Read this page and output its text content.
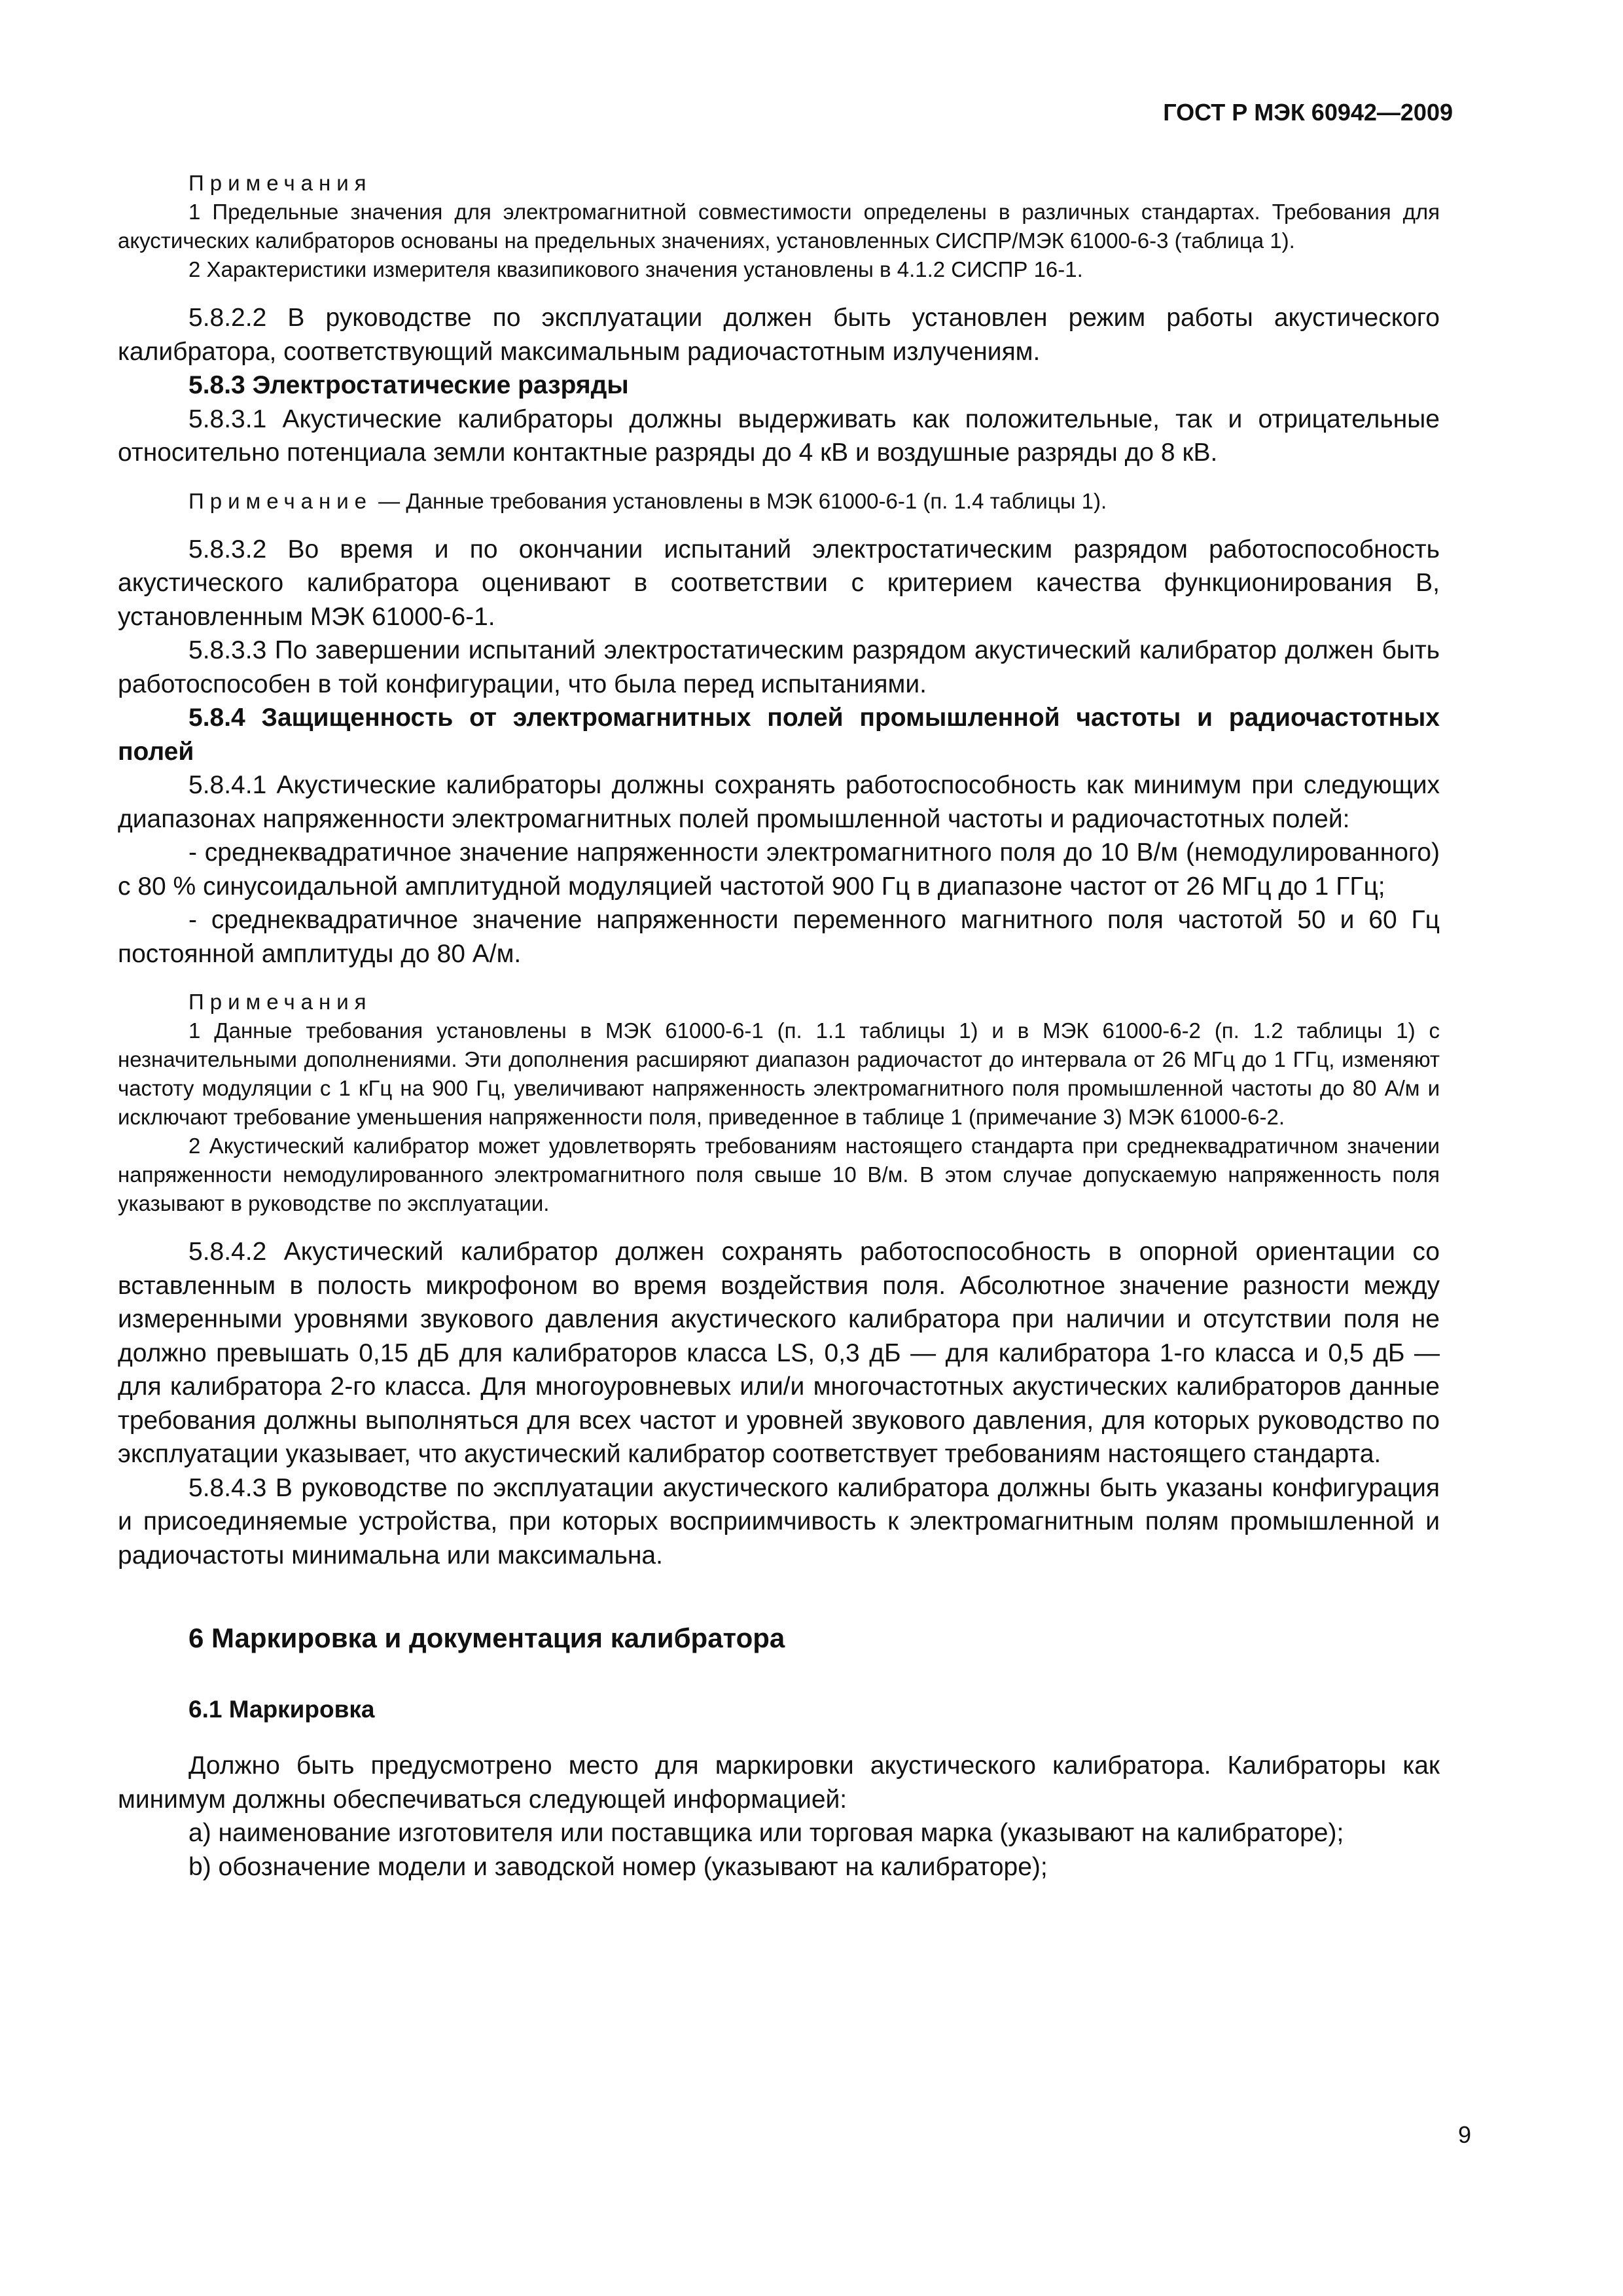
ГОСТ Р МЭК 60942—2009

Примечания

1 Предельные значения для электромагнитной совместимости определены в различных стандартах. Требования для акустических калибраторов основаны на предельных значениях, установленных СИСПР/МЭК 61000-6-3 (таблица 1).

2 Характеристики измерителя квазипикового значения установлены в 4.1.2 СИСПР 16-1.

5.8.2.2 В руководстве по эксплуатации должен быть установлен режим работы акустического калибратора, соответствующий максимальным радиочастотным излучениям.

5.8.3 Электростатические разряды

5.8.3.1 Акустические калибраторы должны выдерживать как положительные, так и отрицательные относительно потенциала земли контактные разряды до 4 кВ и воздушные разряды до 8 кВ.

Примечание — Данные требования установлены в МЭК 61000-6-1 (п. 1.4 таблицы 1).

5.8.3.2 Во время и по окончании испытаний электростатическим разрядом работоспособность акустического калибратора оценивают в соответствии с критерием качества функционирования В, установленным МЭК 61000-6-1.

5.8.3.3 По завершении испытаний электростатическим разрядом акустический калибратор должен быть работоспособен в той конфигурации, что была перед испытаниями.

5.8.4 Защищенность от электромагнитных полей промышленной частоты и радиочастотных полей

5.8.4.1 Акустические калибраторы должны сохранять работоспособность как минимум при следующих диапазонах напряженности электромагнитных полей промышленной частоты и радиочастотных полей:

- среднеквадратичное значение напряженности электромагнитного поля до 10 В/м (немодулированного) с 80 % синусоидальной амплитудной модуляцией частотой 900 Гц в диапазоне частот от 26 МГц до 1 ГГц;

- среднеквадратичное значение напряженности переменного магнитного поля частотой 50 и 60 Гц постоянной амплитуды до 80 А/м.

Примечания

1 Данные требования установлены в МЭК 61000-6-1 (п. 1.1 таблицы 1) и в МЭК 61000-6-2 (п. 1.2 таблицы 1) с незначительными дополнениями. Эти дополнения расширяют диапазон радиочастот до интервала от 26 МГц до 1 ГГц, изменяют частоту модуляции с 1 кГц на 900 Гц, увеличивают напряженность электромагнитного поля промышленной частоты до 80 А/м и исключают требование уменьшения напряженности поля, приведенное в таблице 1 (примечание 3) МЭК 61000-6-2.

2 Акустический калибратор может удовлетворять требованиям настоящего стандарта при среднеквадратичном значении напряженности немодулированного электромагнитного поля свыше 10 В/м. В этом случае допускаемую напряженность поля указывают в руководстве по эксплуатации.

5.8.4.2 Акустический калибратор должен сохранять работоспособность в опорной ориентации со вставленным в полость микрофоном во время воздействия поля. Абсолютное значение разности между измеренными уровнями звукового давления акустического калибратора при наличии и отсутствии поля не должно превышать 0,15 дБ для калибраторов класса LS, 0,3 дБ — для калибратора 1-го класса и 0,5 дБ — для калибратора 2-го класса. Для многоуровневых или/и многочастотных акустических калибраторов данные требования должны выполняться для всех частот и уровней звукового давления, для которых руководство по эксплуатации указывает, что акустический калибратор соответствует требованиям настоящего стандарта.

5.8.4.3 В руководстве по эксплуатации акустического калибратора должны быть указаны конфигурация и присоединяемые устройства, при которых восприимчивость к электромагнитным полям промышленной и радиочастоты минимальна или максимальна.

6 Маркировка и документация калибратора
6.1 Маркировка

Должно быть предусмотрено место для маркировки акустического калибратора. Калибраторы как минимум должны обеспечиваться следующей информацией:

а) наименование изготовителя или поставщика или торговая марка (указывают на калибраторе);

b) обозначение модели и заводской номер (указывают на калибраторе);

9
